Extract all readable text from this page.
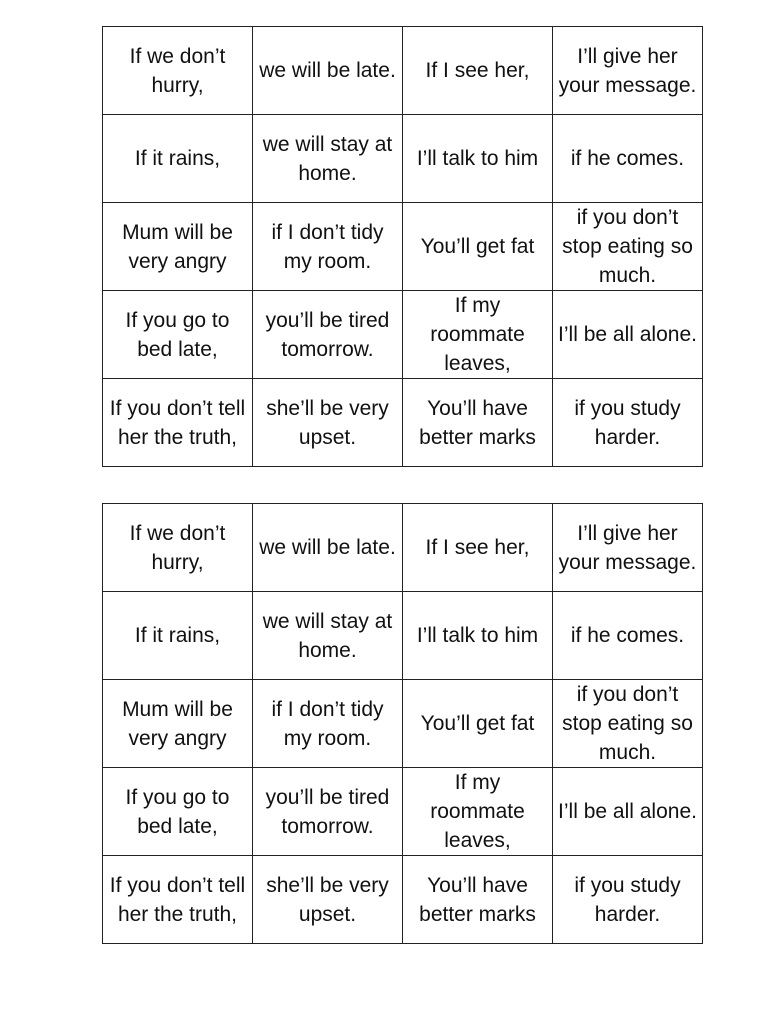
If we don’t hurry,	we will be late.	If I see her,	I’ll give her your message.
If it rains,	we will stay at home.	I’ll talk to him	if he comes.
Mum will be very angry	if I don’t tidy my room.	You’ll get fat	if you don’t stop eating so much.
If you go to bed late,	you’ll be tired tomorrow.	If my roommate leaves,	I’ll be all alone.
If you don’t tell her the truth,	she’ll be very upset.	You’ll have better marks	if you study harder.
If we don’t hurry,	we will be late.	If I see her,	I’ll give her your message.
If it rains,	we will stay at home.	I’ll talk to him	if he comes.
Mum will be very angry	if I don’t tidy my room.	You’ll get fat	if you don’t stop eating so much.
If you go to bed late,	you’ll be tired tomorrow.	If my roommate leaves,	I’ll be all alone.
If you don’t tell her the truth,	she’ll be very upset.	You’ll have better marks	if you study harder.
